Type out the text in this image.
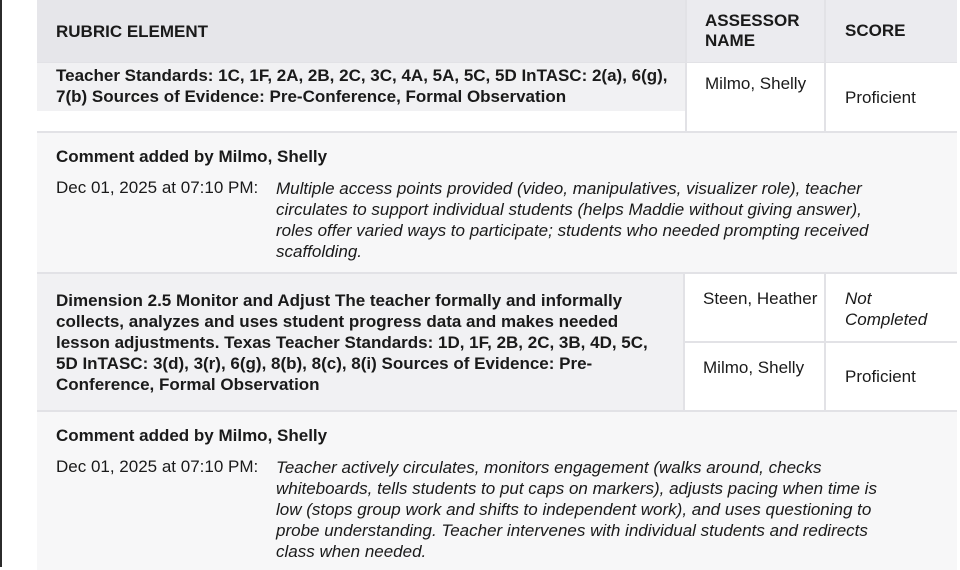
RUBRIC ELEMENT
ASSESSOR NAME
SCORE
Teacher Standards: 1C, 1F, 2A, 2B, 2C, 3C, 4A, 5A, 5C, 5D InTASC: 2(a), 6(g), 7(b) Sources of Evidence: Pre-Conference, Formal Observation
Milmo, Shelly
Proficient
Comment added by Milmo, Shelly
Dec 01, 2025 at 07:10 PM: Multiple access points provided (video, manipulatives, visualizer role), teacher circulates to support individual students (helps Maddie without giving answer), roles offer varied ways to participate; students who needed prompting received scaffolding.
Dimension 2.5 Monitor and Adjust The teacher formally and informally collects, analyzes and uses student progress data and makes needed lesson adjustments. Texas Teacher Standards: 1D, 1F, 2B, 2C, 3B, 4D, 5C, 5D InTASC: 3(d), 3(r), 6(g), 8(b), 8(c), 8(i) Sources of Evidence: Pre-Conference, Formal Observation
Steen, Heather	Not Completed
Milmo, Shelly	Proficient
Comment added by Milmo, Shelly
Dec 01, 2025 at 07:10 PM: Teacher actively circulates, monitors engagement (walks around, checks whiteboards, tells students to put caps on markers), adjusts pacing when time is low (stops group work and shifts to independent work), and uses questioning to probe understanding. Teacher intervenes with individual students and redirects class when needed.
